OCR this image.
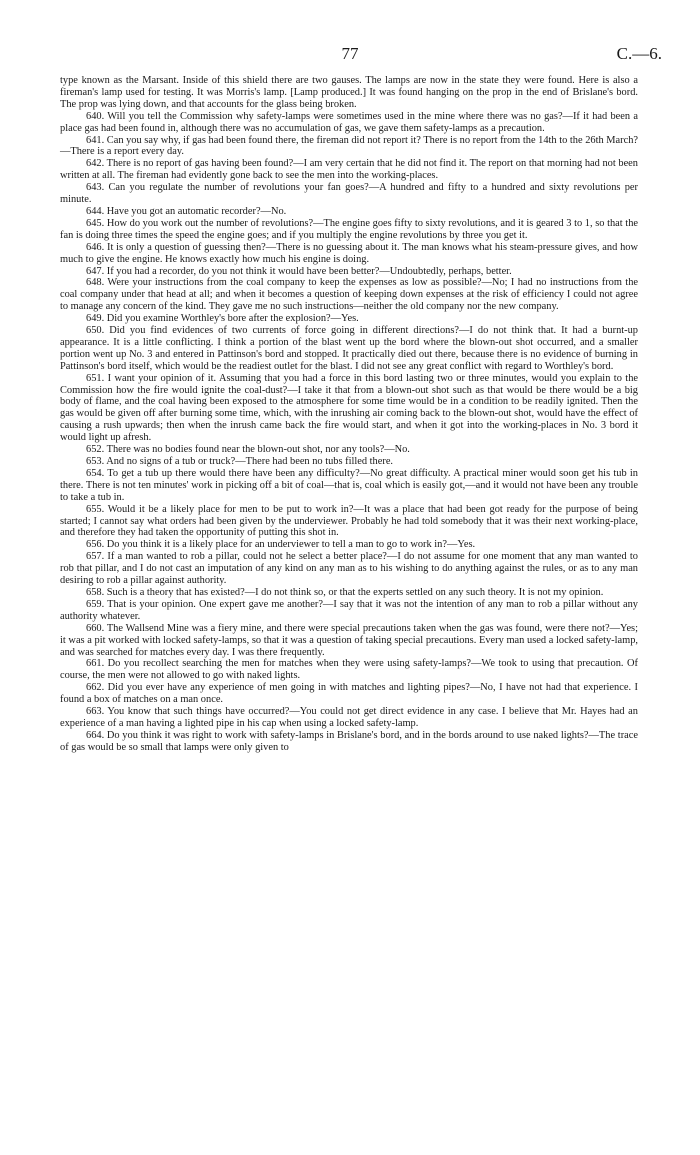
77	C.—6.

type known as the Marsant. Inside of this shield there are two gauses. The lamps are now in the state they were found. Here is also a fireman's lamp used for testing. It was Morris's lamp. [Lamp produced.] It was found hanging on the prop in the end of Brislane's bord. The prop was lying down, and that accounts for the glass being broken.

640. Will you tell the Commission why safety-lamps were sometimes used in the mine where there was no gas?—If it had been a place gas had been found in, although there was no accumulation of gas, we gave them safety-lamps as a precaution.

641. Can you say why, if gas had been found there, the fireman did not report it? There is no report from the 14th to the 26th March?—There is a report every day.

642. There is no report of gas having been found?—I am very certain that he did not find it. The report on that morning had not been written at all. The fireman had evidently gone back to see the men into the working-places.

643. Can you regulate the number of revolutions your fan goes?—A hundred and fifty to a hundred and sixty revolutions per minute.

644. Have you got an automatic recorder?—No.

645. How do you work out the number of revolutions?—The engine goes fifty to sixty revolutions, and it is geared 3 to 1, so that the fan is doing three times the speed the engine goes; and if you multiply the engine revolutions by three you get it.

646. It is only a question of guessing then?—There is no guessing about it. The man knows what his steam-pressure gives, and how much to give the engine. He knows exactly how much his engine is doing.

647. If you had a recorder, do you not think it would have been better?—Undoubtedly, perhaps, better.

648. Were your instructions from the coal company to keep the expenses as low as possible?—No; I had no instructions from the coal company under that head at all; and when it becomes a question of keeping down expenses at the risk of efficiency I could not agree to manage any concern of the kind. They gave me no such instructions—neither the old company nor the new company.

649. Did you examine Worthley's bore after the explosion?—Yes.

650. Did you find evidences of two currents of force going in different directions?—I do not think that. It had a burnt-up appearance. It is a little conflicting. I think a portion of the blast went up the bord where the blown-out shot occurred, and a smaller portion went up No. 3 and entered in Pattinson's bord and stopped. It practically died out there, because there is no evidence of burning in Pattinson's bord itself, which would be the readiest outlet for the blast. I did not see any great conflict with regard to Worthley's bord.

651. I want your opinion of it. Assuming that you had a force in this bord lasting two or three minutes, would you explain to the Commission how the fire would ignite the coal-dust?—I take it that from a blown-out shot such as that would be there would be a big body of flame, and the coal having been exposed to the atmosphere for some time would be in a condition to be readily ignited. Then the gas would be given off after burning some time, which, with the inrushing air coming back to the blown-out shot, would have the effect of causing a rush upwards; then when the inrush came back the fire would start, and when it got into the working-places in No. 3 bord it would light up afresh.

652. There was no bodies found near the blown-out shot, nor any tools?—No.

653. And no signs of a tub or truck?—There had been no tubs filled there.

654. To get a tub up there would there have been any difficulty?—No great difficulty. A practical miner would soon get his tub in there. There is not ten minutes' work in picking off a bit of coal—that is, coal which is easily got,—and it would not have been any trouble to take a tub in.

655. Would it be a likely place for men to be put to work in?—It was a place that had been got ready for the purpose of being started; I cannot say what orders had been given by the underviewer. Probably he had told somebody that it was their next working-place, and therefore they had taken the opportunity of putting this shot in.

656. Do you think it is a likely place for an underviewer to tell a man to go to work in?—Yes.

657. If a man wanted to rob a pillar, could not he select a better place?—I do not assume for one moment that any man wanted to rob that pillar, and I do not cast an imputation of any kind on any man as to his wishing to do anything against the rules, or as to any man desiring to rob a pillar against authority.

658. Such is a theory that has existed?—I do not think so, or that the experts settled on any such theory. It is not my opinion.

659. That is your opinion. One expert gave me another?—I say that it was not the intention of any man to rob a pillar without any authority whatever.

660. The Wallsend Mine was a fiery mine, and there were special precautions taken when the gas was found, were there not?—Yes; it was a pit worked with locked safety-lamps, so that it was a question of taking special precautions. Every man used a locked safety-lamp, and was searched for matches every day. I was there frequently.

661. Do you recollect searching the men for matches when they were using safety-lamps?—We took to using that precaution. Of course, the men were not allowed to go with naked lights.

662. Did you ever have any experience of men going in with matches and lighting pipes?—No, I have not had that experience. I found a box of matches on a man once.

663. You know that such things have occurred?—You could not get direct evidence in any case. I believe that Mr. Hayes had an experience of a man having a lighted pipe in his cap when using a locked safety-lamp.

664. Do you think it was right to work with safety-lamps in Brislane's bord, and in the bords around to use naked lights?—The trace of gas would be so small that lamps were only given to
